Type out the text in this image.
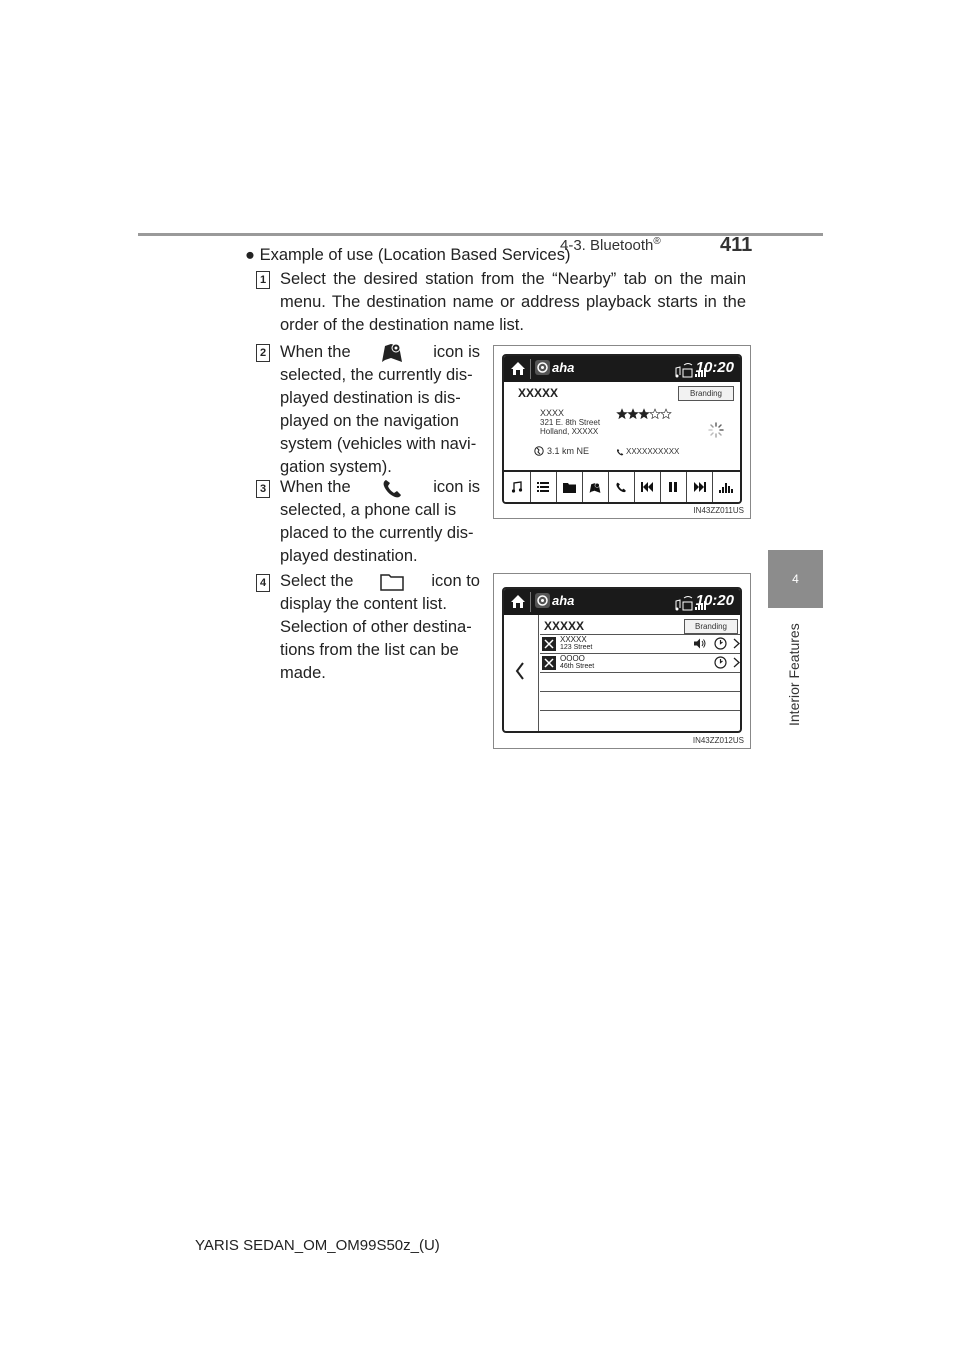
4-3. Bluetooth®	411
4
Interior Features
● Example of use (Location Based Services)
1 Select the desired station from the “Nearby” tab on the main menu. The destination name or address playback starts in the order of the destination name list.
2 When the	icon is
selected, the currently dis-
played destination is dis-
played on the navigation
system (vehicles with navi-
gation system).
3 When the	icon is
selected, a phone call is
placed to the currently dis-
played destination.
4 Select the	icon to
display the content list.
Selection of other destina-
tions from the list can be
made.
aha	10:20
XXXXX	Branding
XXXX
321 E. 8th Street
Holland, XXXXX
3.1 km NE	XXXXXXXXXX
IN43ZZ011US
aha	10:20
XXXXX	Branding
XXXXX
123 Street
OOOO
46th Street
IN43ZZ012US
YARIS SEDAN_OM_OM99S50z_(U)
